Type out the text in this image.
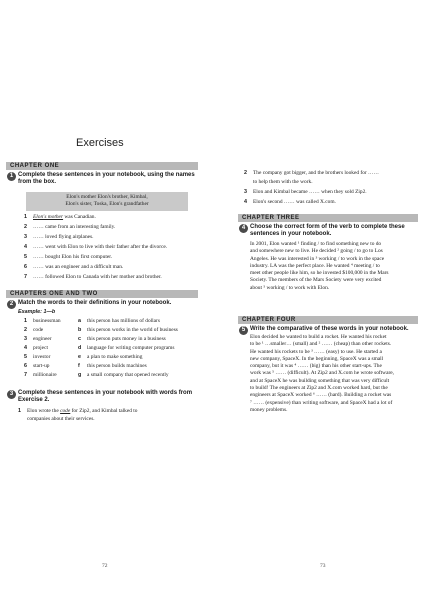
Exercises
CHAPTER ONE
1 Complete these sentences in your notebook, using the names from the box.
Elon's mother Elon's brother, Kimbal,
Elon's sister, Toska, Elon's grandfather
1 Elon's mother was Canadian.
2 …… came from an interesting family.
3 …… loved flying airplanes.
4 …… went with Elon to live with their father after the divorce.
5 …… bought Elon his first computer.
6 …… was an engineer and a difficult man.
7 …… followed Elon to Canada with her mother and brother.
CHAPTERS ONE AND TWO
2 Match the words to their definitions in your notebook.
Example: 1—b
1 businessman
2 code
3 engineer
4 project
5 investor
6 start-up
7 millionaire
a this person has millions of dollars
b this person works in the world of business
c this person puts money in a business
d language for writing computer programs
e a plan to make something
f this person builds machines
g a small company that opened recently
3 Complete these sentences in your notebook with words from Exercise 2.
1 Elon wrote the code for Zip2, and Kimbal talked to
companies about their services.
72
2 The company got bigger, and the brothers looked for ……
to help them with the work.
3 Elon and Kimbal became …… when they sold Zip2.
4 Elon's second …… was called X.com.
CHAPTER THREE
4 Choose the correct form of the verb to complete these sentences in your notebook.
In 2001, Elon wanted ¹ finding / to find something new to do
and somewhere new to live. He decided ² going / to go to Los
Angeles. He was interested in ³ working / to work in the space
industry. LA was the perfect place. He wanted ⁴ meeting / to
meet other people like him, so he invested $100,000 in the Mars
Society. The members of the Mars Society were very excited
about ⁵ working / to work with Elon.
CHAPTER FOUR
5 Write the comparative of these words in your notebook.
Elon decided he wanted to build a rocket. He wanted his rocket
to be ¹ …smaller… (small) and ² …… (cheap) than other rockets.
He wanted his rockets to be ³ …… (easy) to use. He started a
new company, SpaceX. In the beginning, SpaceX was a small
company, but it was ⁴ …… (big) than his other start-ups. The
work was ⁵ …… (difficult). At Zip2 and X.com he wrote software,
and at SpaceX he was building something that was very difficult
to build! The engineers at Zip2 and X.com worked hard, but the
engineers at SpaceX worked ⁶ …… (hard). Building a rocket was
⁷ …… (expensive) than writing software, and SpaceX had a lot of
money problems.
73
